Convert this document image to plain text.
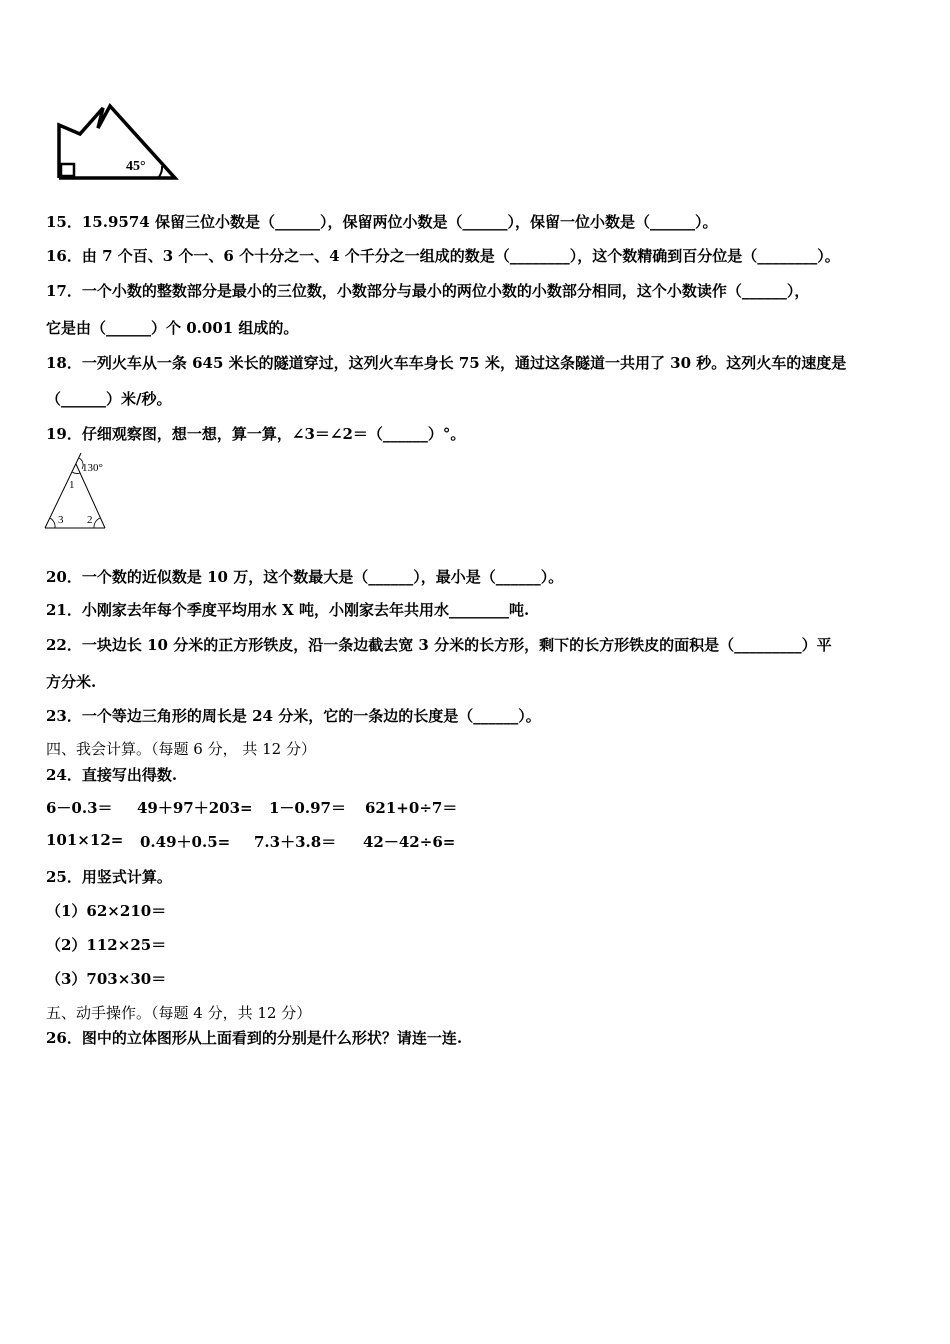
45°
15．15.9574 保留三位小数是（______），保留两位小数是（______），保留一位小数是（______）。
16．由 7 个百、3 个一、6 个十分之一、4 个千分之一组成的数是（________），这个数精确到百分位是（________）。
17．一个小数的整数部分是最小的三位数，小数部分与最小的两位小数的小数部分相同，这个小数读作（______），
它是由（______）个 0.001 组成的。
18．一列火车从一条 645 米长的隧道穿过，这列火车车身长 75 米，通过这条隧道一共用了 30 秒。这列火车的速度是
（______）米/秒。
19．仔细观察图，想一想，算一算，∠3＝∠2＝（______）°。
130°
1
3 2
20．一个数的近似数是 10 万，这个数最大是（______），最小是（______）。
21．小刚家去年每个季度平均用水 X 吨，小刚家去年共用水________吨.
22．一块边长 10 分米的正方形铁皮，沿一条边截去宽 3 分米的长方形，剩下的长方形铁皮的面积是（_________）平
方分米.
23．一个等边三角形的周长是 24 分米，它的一条边的长度是（______）。
四、我会计算。（每题 6 分， 共 12 分）
24．直接写出得数.
6－0.3＝ 49＋97＋203= 1－0.97＝ 621+0÷7＝
101×12= 0.49＋0.5= 7.3＋3.8＝ 42－42÷6=
25．用竖式计算。
（1）62×210＝
（2）112×25＝
（3）703×30＝
五、动手操作。（每题 4 分，共 12 分）
26．图中的立体图形从上面看到的分别是什么形状？请连一连.
